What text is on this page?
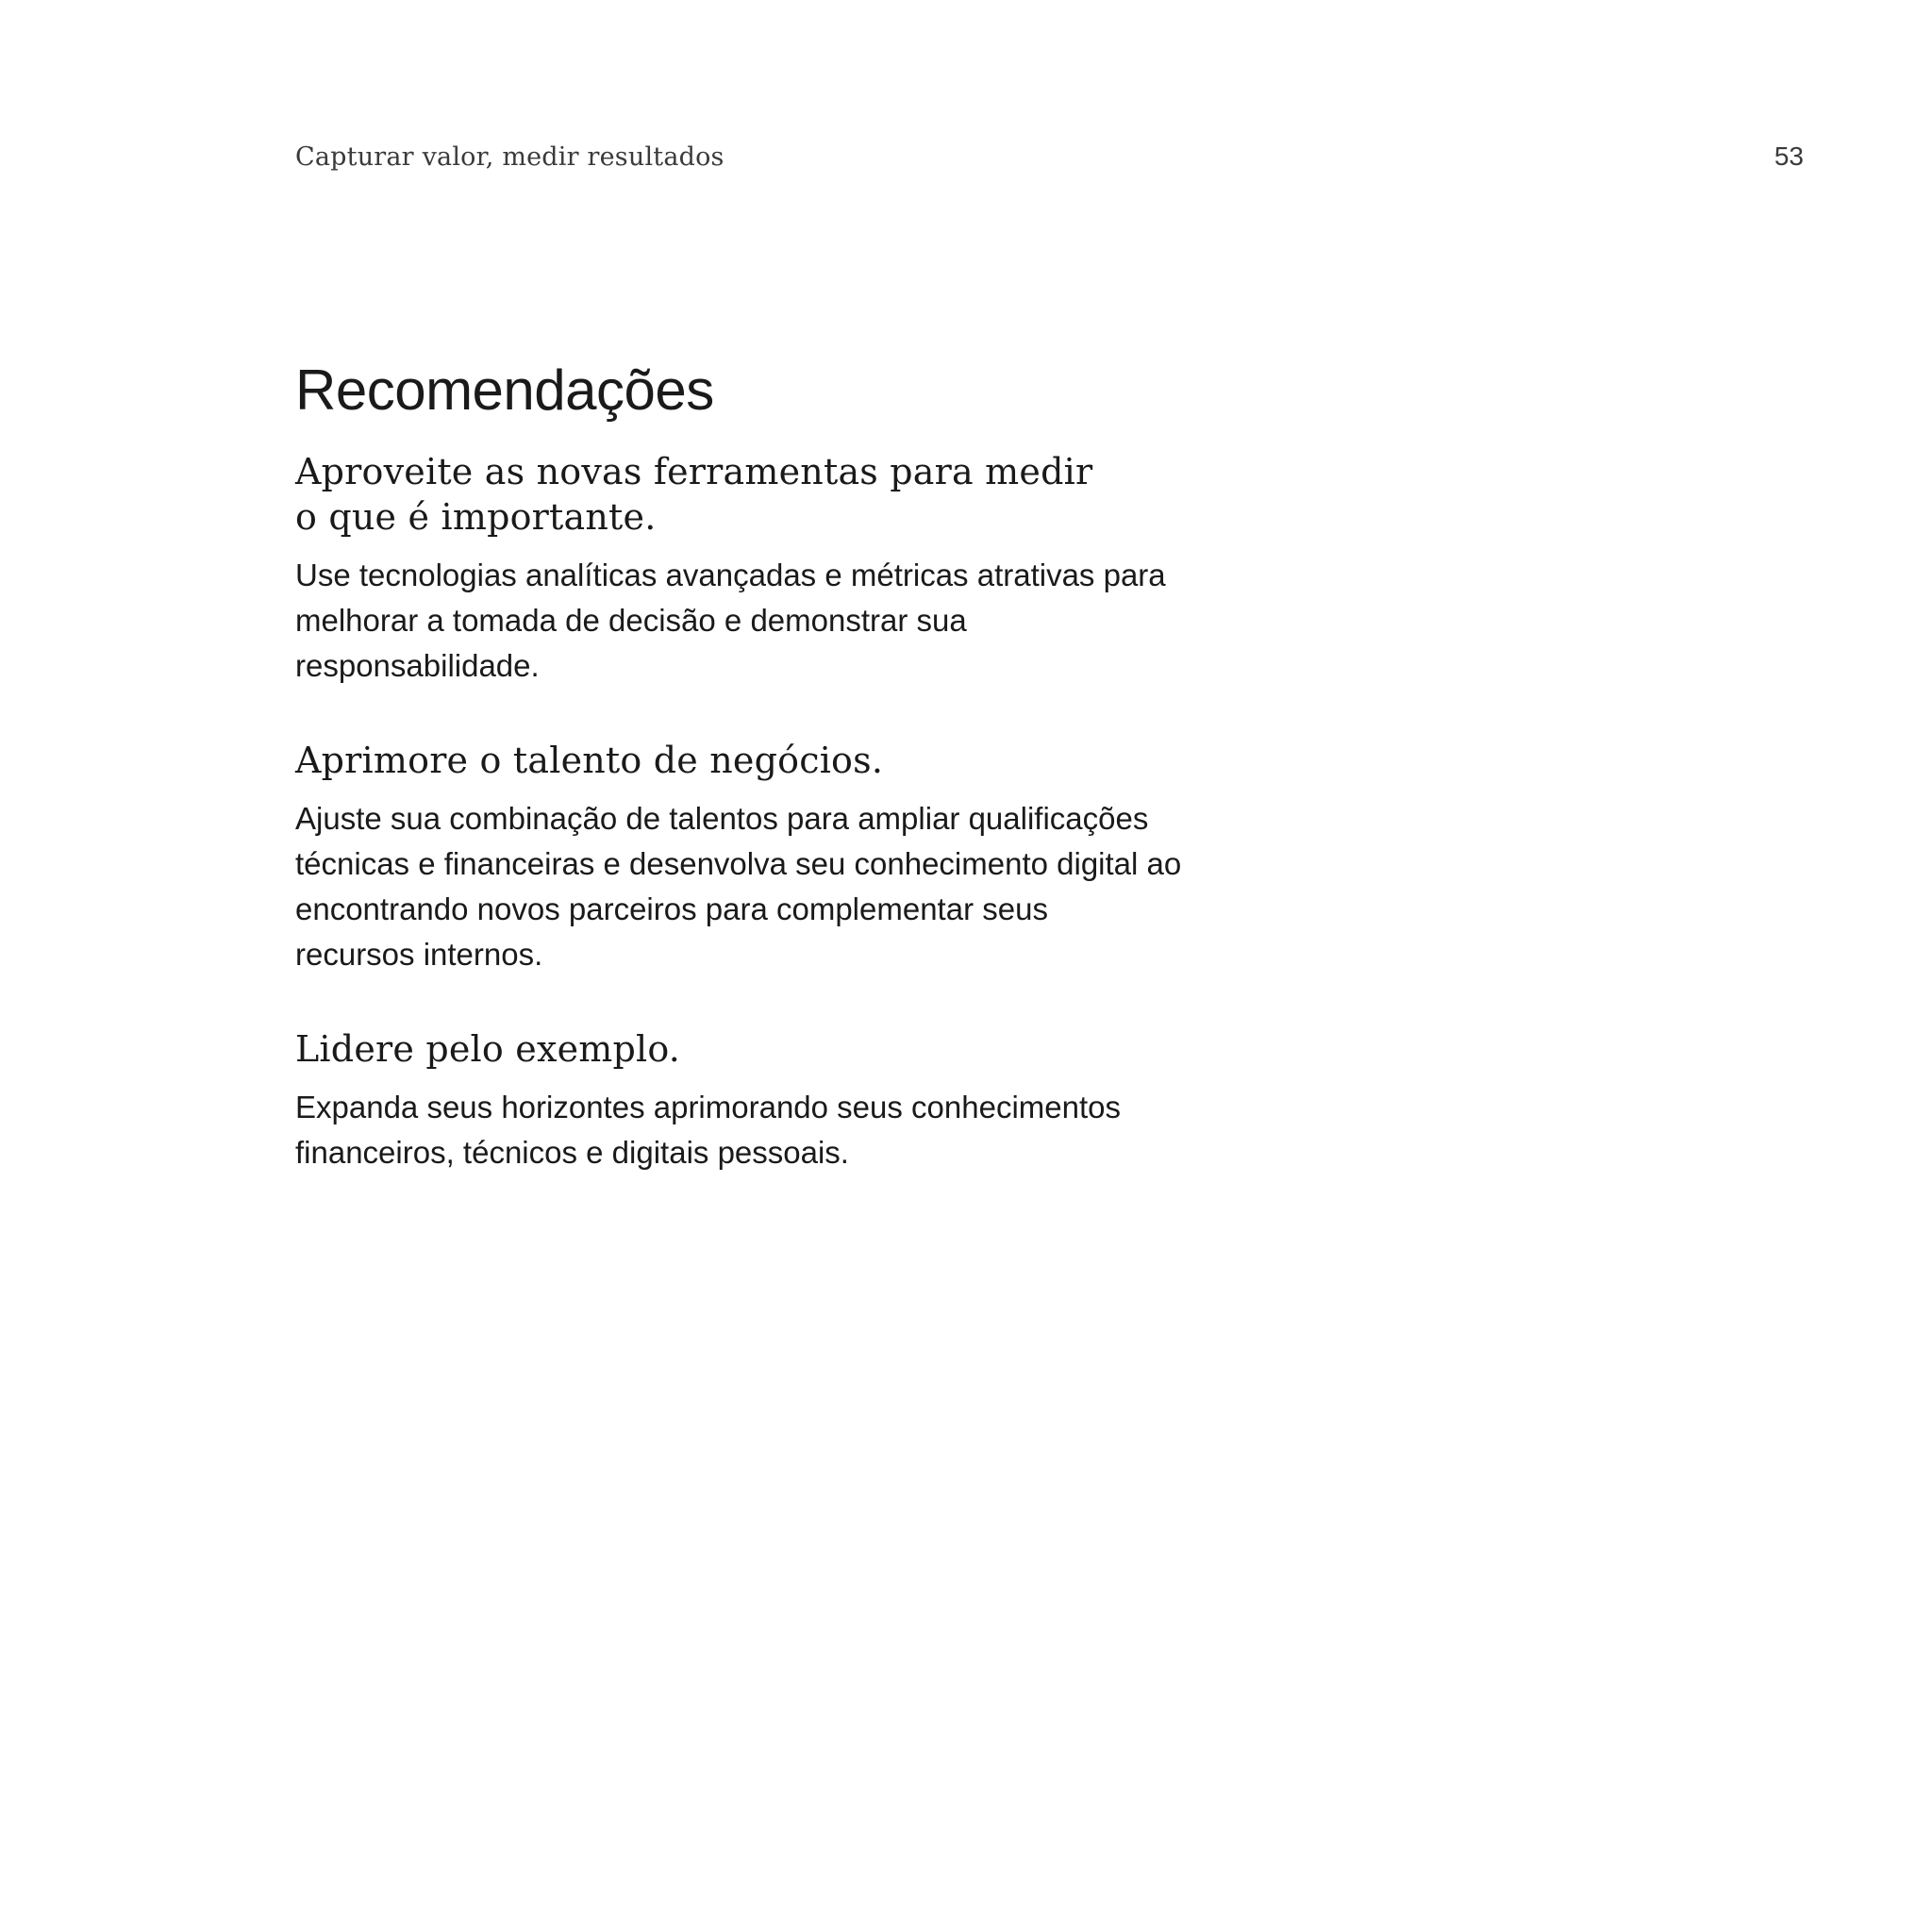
Capturar valor, medir resultados	53
Recomendações
Aproveite as novas ferramentas para medir
o que é importante.

Use tecnologias analíticas avançadas e métricas atrativas para
melhorar a tomada de decisão e demonstrar sua
responsabilidade.

Aprimore o talento de negócios.

Ajuste sua combinação de talentos para ampliar qualificações
técnicas e financeiras e desenvolva seu conhecimento digital ao
encontrando novos parceiros para complementar seus
recursos internos.

Lidere pelo exemplo.

Expanda seus horizontes aprimorando seus conhecimentos
financeiros, técnicos e digitais pessoais.
